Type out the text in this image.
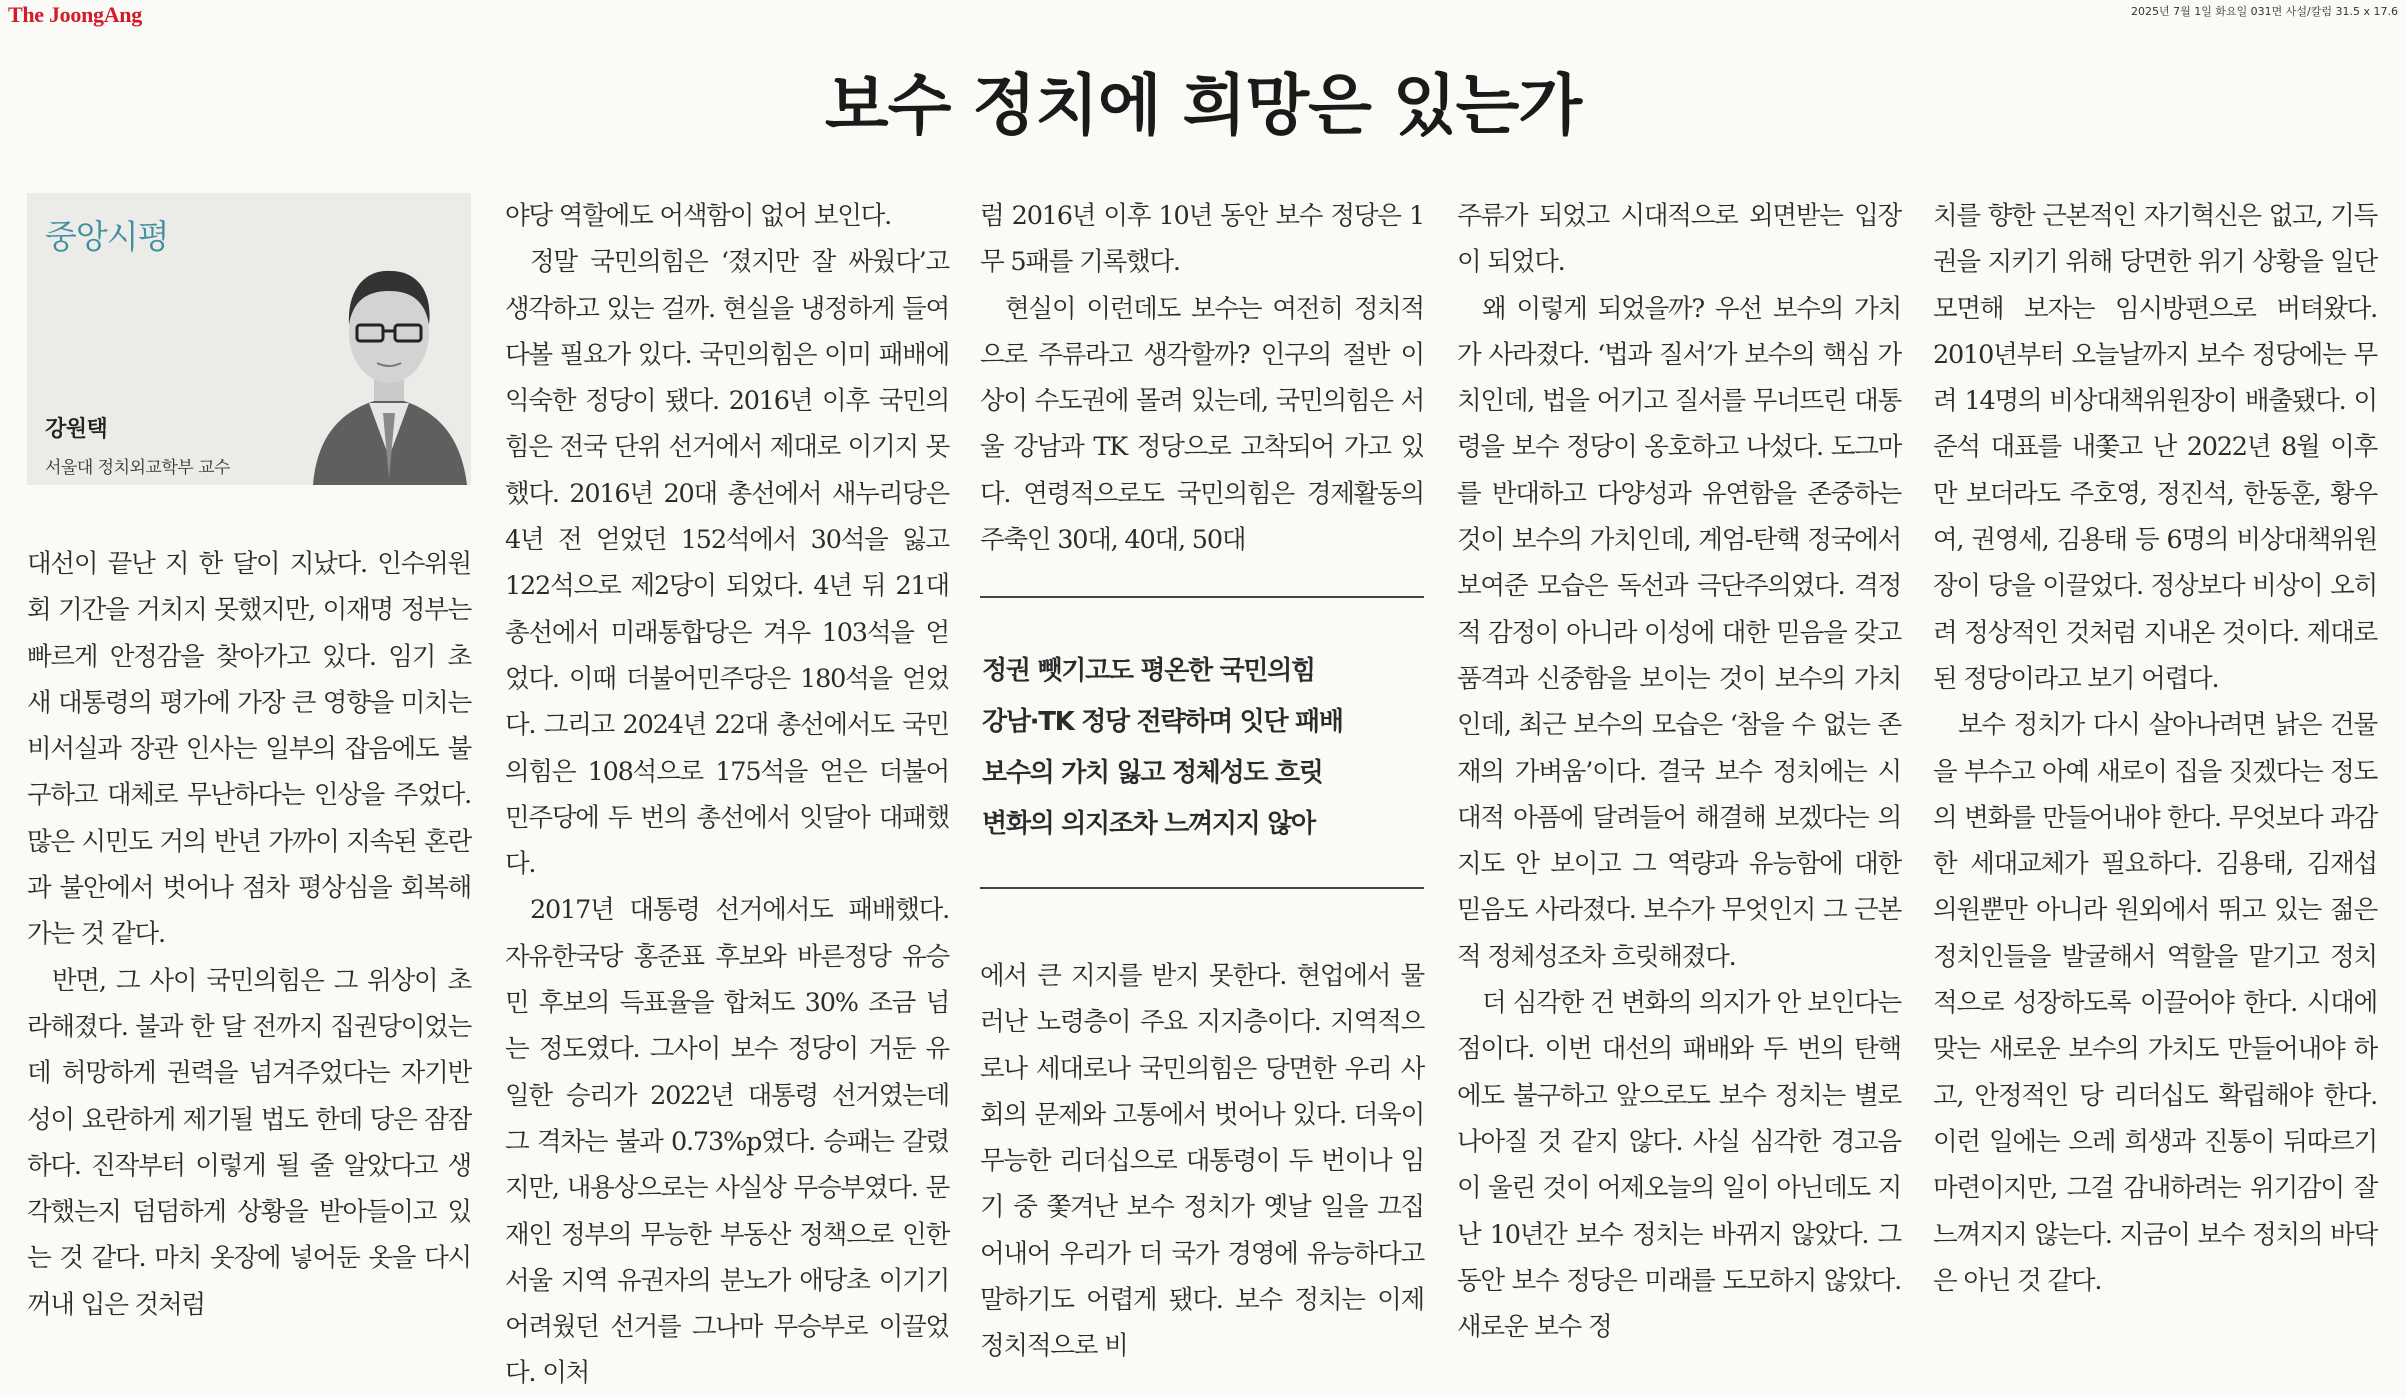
The JoongAng	2025년 7월 1일 화요일 031면 사설/칼럼 31.5 x 17.6
보수 정치에 희망은 있는가
중앙시평
강원택
서울대 정치외교학부 교수

대선이 끝난 지 한 달이 지났다. 인수위원회 기간을 거치지 못했지만, 이재명 정부는 빠르게 안정감을 찾아가고 있다. 임기 초 새 대통령의 평가에 가장 큰 영향을 미치는 비서실과 장관 인사는 일부의 잡음에도 불구하고 대체로 무난하다는 인상을 주었다. 많은 시민도 거의 반년 가까이 지속된 혼란과 불안에서 벗어나 점차 평상심을 회복해 가는 것 같다.

반면, 그 사이 국민의힘은 그 위상이 초라해졌다. 불과 한 달 전까지 집권당이었는데 허망하게 권력을 넘겨주었다는 자기반성이 요란하게 제기될 법도 한데 당은 잠잠하다. 진작부터 이렇게 될 줄 알았다고 생각했는지 덤덤하게 상황을 받아들이고 있는 것 같다. 마치 옷장에 넣어둔 옷을 다시 꺼내 입은 것처럼

야당 역할에도 어색함이 없어 보인다.

정말 국민의힘은 ‘졌지만 잘 싸웠다’고 생각하고 있는 걸까. 현실을 냉정하게 들여다볼 필요가 있다. 국민의힘은 이미 패배에 익숙한 정당이 됐다. 2016년 이후 국민의힘은 전국 단위 선거에서 제대로 이기지 못했다. 2016년 20대 총선에서 새누리당은 4년 전 얻었던 152석에서 30석을 잃고 122석으로 제2당이 되었다. 4년 뒤 21대 총선에서 미래통합당은 겨우 103석을 얻었다. 이때 더불어민주당은 180석을 얻었다. 그리고 2024년 22대 총선에서도 국민의힘은 108석으로 175석을 얻은 더불어민주당에 두 번의 총선에서 잇달아 대패했다.

2017년 대통령 선거에서도 패배했다. 자유한국당 홍준표 후보와 바른정당 유승민 후보의 득표율을 합쳐도 30% 조금 넘는 정도였다. 그사이 보수 정당이 거둔 유일한 승리가 2022년 대통령 선거였는데 그 격차는 불과 0.73%p였다. 승패는 갈렸지만, 내용상으로는 사실상 무승부였다. 문재인 정부의 무능한 부동산 정책으로 인한 서울 지역 유권자의 분노가 애당초 이기기 어려웠던 선거를 그나마 무승부로 이끌었다. 이처

럼 2016년 이후 10년 동안 보수 정당은 1무 5패를 기록했다.

현실이 이런데도 보수는 여전히 정치적으로 주류라고 생각할까? 인구의 절반 이상이 수도권에 몰려 있는데, 국민의힘은 서울 강남과 TK 정당으로 고착되어 가고 있다. 연령적으로도 국민의힘은 경제활동의 주축인 30대, 40대, 50대

정권 뺏기고도 평온한 국민의힘
강남·TK 정당 전략하며 잇단 패배
보수의 가치 잃고 정체성도 흐릿
변화의 의지조차 느껴지지 않아

에서 큰 지지를 받지 못한다. 현업에서 물러난 노령층이 주요 지지층이다. 지역적으로나 세대로나 국민의힘은 당면한 우리 사회의 문제와 고통에서 벗어나 있다. 더욱이 무능한 리더십으로 대통령이 두 번이나 임기 중 쫓겨난 보수 정치가 옛날 일을 끄집어내어 우리가 더 국가 경영에 유능하다고 말하기도 어렵게 됐다. 보수 정치는 이제 정치적으로 비

주류가 되었고 시대적으로 외면받는 입장이 되었다.

왜 이렇게 되었을까? 우선 보수의 가치가 사라졌다. ‘법과 질서’가 보수의 핵심 가치인데, 법을 어기고 질서를 무너뜨린 대통령을 보수 정당이 옹호하고 나섰다. 도그마를 반대하고 다양성과 유연함을 존중하는 것이 보수의 가치인데, 계엄-탄핵 정국에서 보여준 모습은 독선과 극단주의였다. 격정적 감정이 아니라 이성에 대한 믿음을 갖고 품격과 신중함을 보이는 것이 보수의 가치인데, 최근 보수의 모습은 ‘참을 수 없는 존재의 가벼움’이다. 결국 보수 정치에는 시대적 아픔에 달려들어 해결해 보겠다는 의지도 안 보이고 그 역량과 유능함에 대한 믿음도 사라졌다. 보수가 무엇인지 그 근본적 정체성조차 흐릿해졌다.

더 심각한 건 변화의 의지가 안 보인다는 점이다. 이번 대선의 패배와 두 번의 탄핵에도 불구하고 앞으로도 보수 정치는 별로 나아질 것 같지 않다. 사실 심각한 경고음이 울린 것이 어제오늘의 일이 아닌데도 지난 10년간 보수 정치는 바뀌지 않았다. 그동안 보수 정당은 미래를 도모하지 않았다. 새로운 보수 정

치를 향한 근본적인 자기혁신은 없고, 기득권을 지키기 위해 당면한 위기 상황을 일단 모면해 보자는 임시방편으로 버텨왔다. 2010년부터 오늘날까지 보수 정당에는 무려 14명의 비상대책위원장이 배출됐다. 이준석 대표를 내쫓고 난 2022년 8월 이후만 보더라도 주호영, 정진석, 한동훈, 황우여, 권영세, 김용태 등 6명의 비상대책위원장이 당을 이끌었다. 정상보다 비상이 오히려 정상적인 것처럼 지내온 것이다. 제대로 된 정당이라고 보기 어렵다.

보수 정치가 다시 살아나려면 낡은 건물을 부수고 아예 새로이 집을 짓겠다는 정도의 변화를 만들어내야 한다. 무엇보다 과감한 세대교체가 필요하다. 김용태, 김재섭 의원뿐만 아니라 원외에서 뛰고 있는 젊은 정치인들을 발굴해서 역할을 맡기고 정치적으로 성장하도록 이끌어야 한다. 시대에 맞는 새로운 보수의 가치도 만들어내야 하고, 안정적인 당 리더십도 확립해야 한다. 이런 일에는 으레 희생과 진통이 뒤따르기 마련이지만, 그걸 감내하려는 위기감이 잘 느껴지지 않는다. 지금이 보수 정치의 바닥은 아닌 것 같다.
